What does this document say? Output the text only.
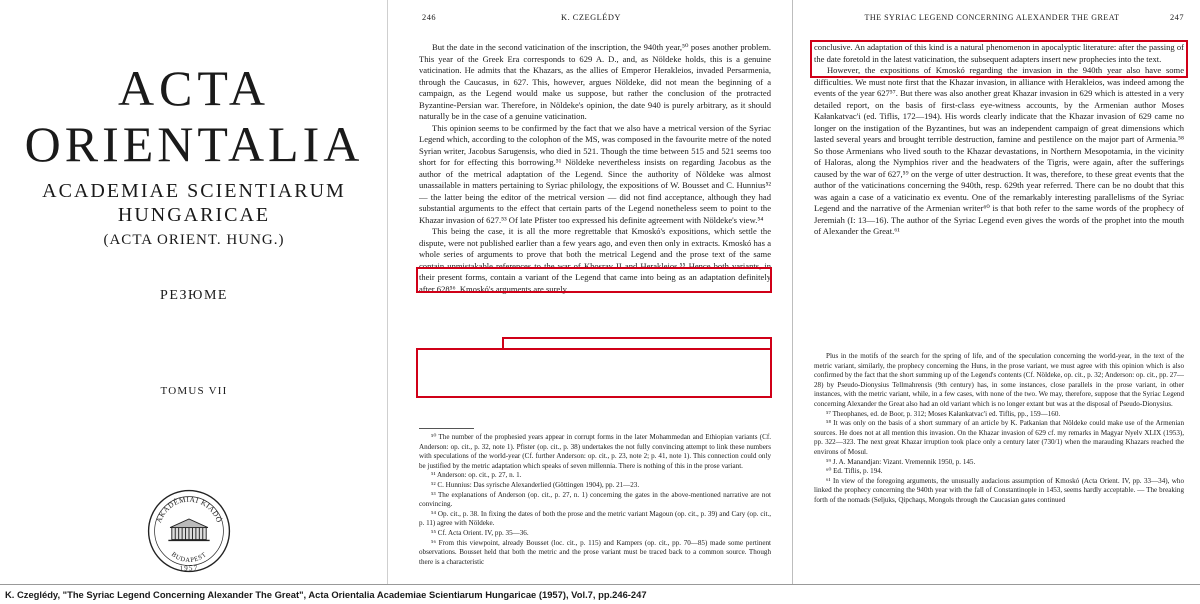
ACTA
ORIENTALIA
ACADEMIAE SCIENTIARUM
HUNGARICAE
(ACTA ORIENT. HUNG.)
РЕЗЮМЕ
TOMUS VII
AKADÉMIAI KIADÓ
BUDAPEST
1957
246	K. CZEGLÉDY

But the date in the second vaticination of the inscription, the 940th year,⁵⁰ poses another problem. This year of the Greek Era corresponds to 629 A. D., and, as Nöldeke holds, this is a genuine vaticination. He admits that the Khazars, as the allies of Emperor Herakleios, invaded Persarmenia, through the Caucasus, in 627. This, however, argues Nöldeke, did not mean the beginning of a campaign, as the Legend would make us suppose, but rather the conclusion of the protracted Byzantine-Persian war. Therefore, in Nöldeke's opinion, the date 940 is purely arbitrary, as it should naturally be in the case of a genuine vaticination.

This opinion seems to be confirmed by the fact that we also have a metrical version of the Syriac Legend which, according to the colophon of the MS, was composed in the favourite metre of the noted Syrian writer, Jacobus Sarugensis, who died in 521. Though the time between 515 and 521 seems too short for for effecting this borrowing.⁵¹ Nöldeke nevertheless insists on regarding Jacobus as the author of the metrical adaptation of the Legend. Since the authority of Nöldeke was almost unassailable in matters pertaining to Syriac philology, the expositions of W. Bousset and C. Hunnius⁵² — the latter being the editor of the metrical version — did not find acceptance, although they had substantial arguments to the effect that certain parts of the Legend nonetheless seem to point to the Khazar invasion of 627.⁵³ Of late Pfister too expressed his definite agreement with Nöldeke's view.⁵⁴

This being the case, it is all the more regrettable that Kmoskó's expositions, which settle the dispute, were not published earlier than a few years ago, and even then only in extracts. Kmoskó has a whole series of arguments to prove that both the metrical Legend and the prose text of the same contain unmistakable references to the war of Khosrav II and Herakleios.⁵⁵ Hence both variants, in their present forms, contain a variant of the Legend that came into being as an adaptation definitely after 628⁵⁶. Kmoskó's arguments are surely

⁵⁰ The number of the prophesied years appear in corrupt forms in the later Mohammedan and Ethiopian variants (Cf. Anderson: op. cit., p. 32, note 1). Pfister (op. cit., p. 38) undertakes the not fully convincing attempt to link these numbers with speculations of the world-year (Cf. further Anderson: op. cit., p. 23, note 2; p. 41, note 1). This connection could only be justified by the metric adaptation which speaks of seven millennia. There is nothing of this in the prose variant.

⁵¹ Anderson: op. cit., p. 27, n. 1.

⁵² C. Hunnius: Das syrische Alexanderlied (Göttingen 1904), pp. 21—23.

⁵³ The explanations of Anderson (op. cit., p. 27, n. 1) concerning the gates in the above-mentioned narrative are not convincing.

⁵⁴ Op. cit., p. 38. In fixing the dates of both the prose and the metric variant Magoun (op. cit., p. 39) and Cary (op. cit., p. 11) agree with Nöldeke.

⁵⁵ Cf. Acta Orient. IV, pp. 35—36.

⁵⁶ From this viewpoint, already Bousset (loc. cit., p. 115) and Kampers (op. cit., pp. 70—85) made some pertinent observations. Bousset held that both the metric and the prose variant must be traced back to a common source. Though there is a characteristic

THE SYRIAC LEGEND CONCERNING ALEXANDER THE GREAT	247

conclusive. An adaptation of this kind is a natural phenomenon in apocalyptic literature: after the passing of the date foretold in the latest vaticination, the subsequent adapters insert new prophecies into the text.

However, the expositions of Kmoskó regarding the invasion in the 940th year also have some difficulties. We must note first that the Khazar invasion, in alliance with Herakleios, was indeed among the events of the year 627⁵⁷. But there was also another great Khazar invasion in 629 which is attested in a very detailed report, on the basis of first-class eye-witness accounts, by the Armenian author Moses Kałankatvac'i (ed. Tiflis, 172—194). His words clearly indicate that the Khazar invasion of 629 came no longer on the instigation of the Byzantines, but was an independent campaign of great dimensions which lasted several years and brought terrible destruction, famine and pestilence on the major part of Armenia.⁵⁸ So those Armenians who lived south to the Khazar devastations, in Northern Mesopotamia, in the vicinity of Haloras, along the Nymphios river and the headwaters of the Tigris, were again, after the sufferings caused by the war of 627,⁵⁹ on the verge of utter destruction. It was, therefore, to these great events that the author of the vaticinations concerning the 940th, resp. 629th year referred. There can be no doubt that this was again a case of a vaticinatio ex eventu. One of the remarkably interesting parallelisms of the Syriac Legend and the narrative of the Armenian writer⁶⁰ is that both refer to the same words of the prophecy of Jeremiah (I: 13—16). The author of the Syriac Legend even gives the words of the prophet into the mouth of Alexander the Great.⁶¹

Plus in the motifs of the search for the spring of life, and of the speculation concerning the world-year, in the text of the metric variant, similarly, the prophecy concerning the Huns, in the prose variant, we must agree with this opinion which is also confirmed by the fact that the short summing up of the Legend's contents (Cf. Nöldeke, op. cit., p. 32; Anderson: op. cit., pp. 27—28) by Pseudo-Dionysius Tellmahrensis (9th century) has, in some instances, close parallels in the prose variant, in other instances, with the metric variant, while, in a few cases, with none of the two. We may, therefore, suppose that the Syriac Legend concerning Alexander the Great also had an old variant which is no longer extant but was at the disposal of Pseudo-Dionysius.

⁵⁷ Theophanes, ed. de Boor, p. 312; Moses Kałankatvac'i ed. Tiflis, pp., 159—160.

⁵⁸ It was only on the basis of a short summary of an article by K. Patkanian that Nöldeke could make use of the Armenian sources. He does not at all mention this invasion. On the Khazar invasion of 629 cf. my remarks in Magyar Nyelv XLIX (1953), pp. 322—323. The next great Khazar irruption took place only a century later (730/1) when the marauding Khazars reached the environs of Mosul.

⁵⁹ J. A. Manandjan: Vizant. Vremennik 1950, p. 145.

⁶⁰ Ed. Tiflis, p. 194.

⁶¹ In view of the foregoing arguments, the unusually audacious assumption of Kmoskó (Acta Orient. IV, pp. 33—34), who linked the prophecy concerning the 940th year with the fall of Constantinople in 1453, seems hardly acceptable. — The breaking forth of the nomads (Seljuks, Qipchaqs, Mongols through the Caucasian gates continued

K. Czeglédy, "The Syriac Legend Concerning Alexander The Great", Acta Orientalia Academiae Scientiarum Hungaricae (1957), Vol.7, pp.246-247
